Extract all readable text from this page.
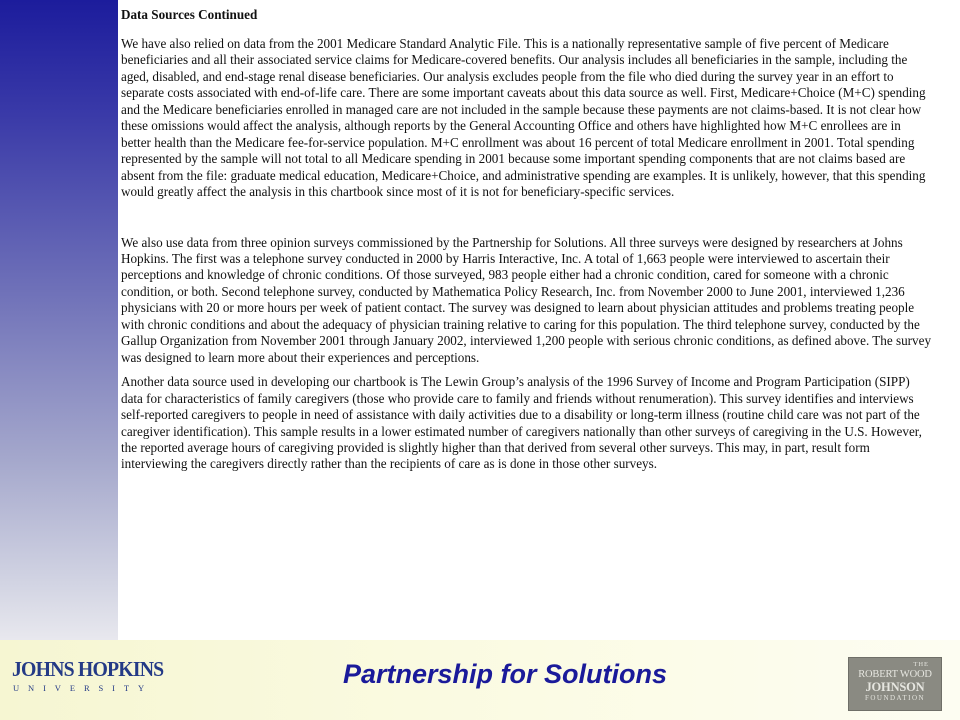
Data Sources Continued

We have also relied on data from the 2001 Medicare Standard Analytic File. This is a nationally representative sample of five percent of Medicare beneficiaries and all their associated service claims for Medicare-covered benefits. Our analysis includes all beneficiaries in the sample, including the aged, disabled, and end-stage renal disease beneficiaries. Our analysis excludes people from the file who died during the survey year in an effort to separate costs associated with end-of-life care. There are some important caveats about this data source as well. First, Medicare+Choice (M+C) spending and the Medicare beneficiaries enrolled in managed care are not included in the sample because these payments are not claims-based. It is not clear how these omissions would affect the analysis, although reports by the General Accounting Office and others have highlighted how M+C enrollees are in better health than the Medicare fee-for-service population. M+C enrollment was about 16 percent of total Medicare enrollment in 2001. Total spending represented by the sample will not total to all Medicare spending in 2001 because some important spending components that are not claims based are absent from the file: graduate medical education, Medicare+Choice, and administrative spending are examples. It is unlikely, however, that this spending would greatly affect the analysis in this chartbook since most of it is not for beneficiary-specific services.

We also use data from three opinion surveys commissioned by the Partnership for Solutions. All three surveys were designed by researchers at Johns Hopkins. The first was a telephone survey conducted in 2000 by Harris Interactive, Inc. A total of 1,663 people were interviewed to ascertain their perceptions and knowledge of chronic conditions. Of those surveyed, 983 people either had a chronic condition, cared for someone with a chronic condition, or both. Second telephone survey, conducted by Mathematica Policy Research, Inc. from November 2000 to June 2001, interviewed 1,236 physicians with 20 or more hours per week of patient contact. The survey was designed to learn about physician attitudes and problems treating people with chronic conditions and about the adequacy of physician training relative to caring for this population. The third telephone survey, conducted by the Gallup Organization from November 2001 through January 2002, interviewed 1,200 people with serious chronic conditions, as defined above. The survey was designed to learn more about their experiences and perceptions.

Another data source used in developing our chartbook is The Lewin Group’s analysis of the 1996 Survey of Income and Program Participation (SIPP) data for characteristics of family caregivers (those who provide care to family and friends without renumeration). This survey identifies and interviews self-reported caregivers to people in need of assistance with daily activities due to a disability or long-term illness (routine child care was not part of the caregiver identification). This sample results in a lower estimated number of caregivers nationally than other surveys of caregiving in the U.S. However, the reported average hours of caregiving provided is slightly higher than that derived from several other surveys. This may, in part, result form interviewing the caregivers directly rather than the recipients of care as is done in those other surveys.

JOHNS HOPKINS
UNIVERSITY	Partnership for Solutions	THE
ROBERT WOOD
JOHNSON
FOUNDATION
